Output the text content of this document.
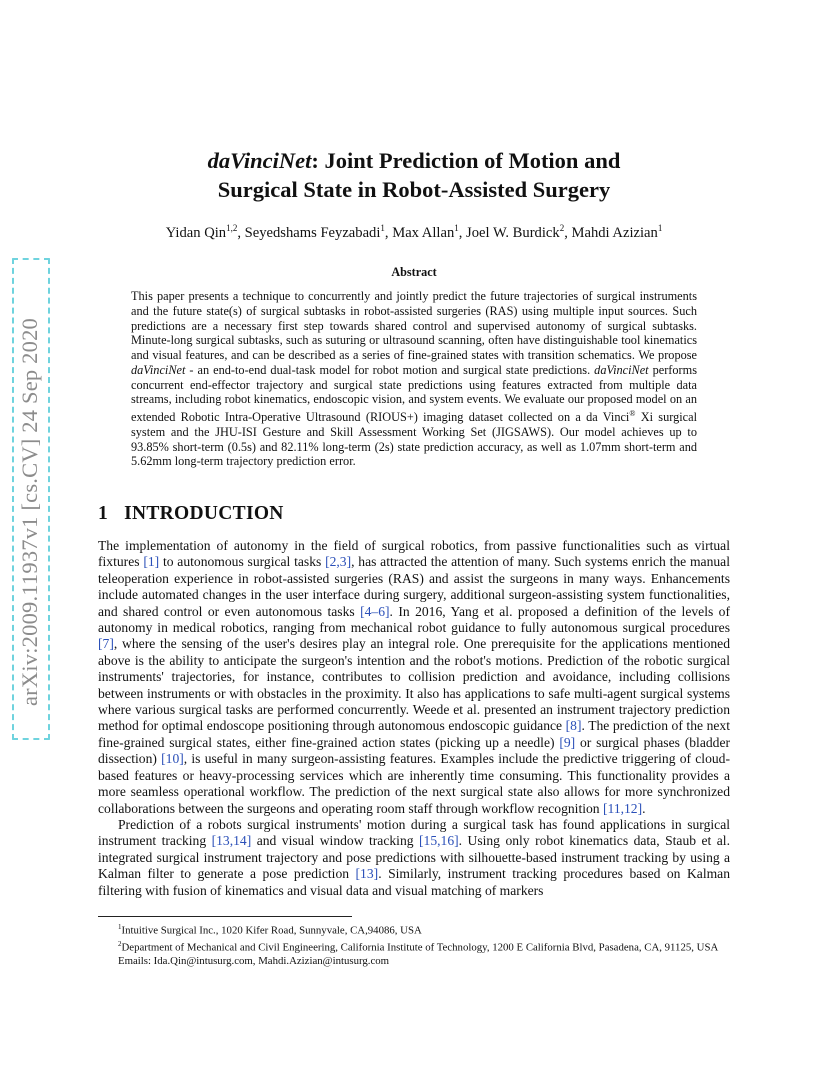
arXiv:2009.11937v1 [cs.CV] 24 Sep 2020
daVinciNet: Joint Prediction of Motion and
Surgical State in Robot-Assisted Surgery
Yidan Qin$^{1,2}$, Seyedshams Feyzabadi$^1$, Max Allan$^1$, Joel W. Burdick$^2$, Mahdi Azizian$^1$
Abstract
This paper presents a technique to concurrently and jointly predict the future trajectories of surgical instruments and the future state(s) of surgical subtasks in robot-assisted surgeries (RAS) using multiple input sources. Such predictions are a necessary first step towards shared control and supervised autonomy of surgical subtasks. Minute-long surgical subtasks, such as suturing or ultrasound scanning, often have distinguishable tool kinematics and visual features, and can be described as a series of fine-grained states with transition schematics. We propose daVinciNet - an end-to-end dual-task model for robot motion and surgical state predictions. daVinciNet performs concurrent end-effector trajectory and surgical state predictions using features extracted from multiple data streams, including robot kinematics, endoscopic vision, and system events. We evaluate our proposed model on an extended Robotic Intra-Operative Ultrasound (RIOUS+) imaging dataset collected on a da Vinci® Xi surgical system and the JHU-ISI Gesture and Skill Assessment Working Set (JIGSAWS). Our model achieves up to 93.85% short-term (0.5s) and 82.11% long-term (2s) state prediction accuracy, as well as 1.07mm short-term and 5.62mm long-term trajectory prediction error.
1 INTRODUCTION

The implementation of autonomy in the field of surgical robotics, from passive functionalities such as virtual fixtures [1] to autonomous surgical tasks [2,3], has attracted the attention of many. Such systems enrich the manual teleoperation experience in robot-assisted surgeries (RAS) and assist the surgeons in many ways. Enhancements include automated changes in the user interface during surgery, additional surgeon-assisting system functionalities, and shared control or even autonomous tasks [4–6]. In 2016, Yang et al. proposed a definition of the levels of autonomy in medical robotics, ranging from mechanical robot guidance to fully autonomous surgical procedures [7], where the sensing of the user's desires play an integral role. One prerequisite for the applications mentioned above is the ability to anticipate the surgeon's intention and the robot's motions. Prediction of the robotic surgical instruments' trajectories, for instance, contributes to collision prediction and avoidance, including collisions between instruments or with obstacles in the proximity. It also has applications to safe multi-agent surgical systems where various surgical tasks are performed concurrently. Weede et al. presented an instrument trajectory prediction method for optimal endoscope positioning through autonomous endoscopic guidance [8]. The prediction of the next fine-grained surgical states, either fine-grained action states (picking up a needle) [9] or surgical phases (bladder dissection) [10], is useful in many surgeon-assisting features. Examples include the predictive triggering of cloud-based features or heavy-processing services which are inherently time consuming. This functionality provides a more seamless operational workflow. The prediction of the next surgical state also allows for more synchronized collaborations between the surgeons and operating room staff through workflow recognition [11,12].

Prediction of a robots surgical instruments' motion during a surgical task has found applications in surgical instrument tracking [13,14] and visual window tracking [15,16]. Using only robot kinematics data, Staub et al. integrated surgical instrument trajectory and pose predictions with silhouette-based instrument tracking by using a Kalman filter to generate a pose prediction [13]. Similarly, instrument tracking procedures based on Kalman filtering with fusion of kinematics and visual data and visual matching of markers

$^1$Intuitive Surgical Inc., 1020 Kifer Road, Sunnyvale, CA,94086, USA

$^2$Department of Mechanical and Civil Engineering, California Institute of Technology, 1200 E California Blvd, Pasadena, CA, 91125, USA

Emails: Ida.Qin@intusurg.com, Mahdi.Azizian@intusurg.com
